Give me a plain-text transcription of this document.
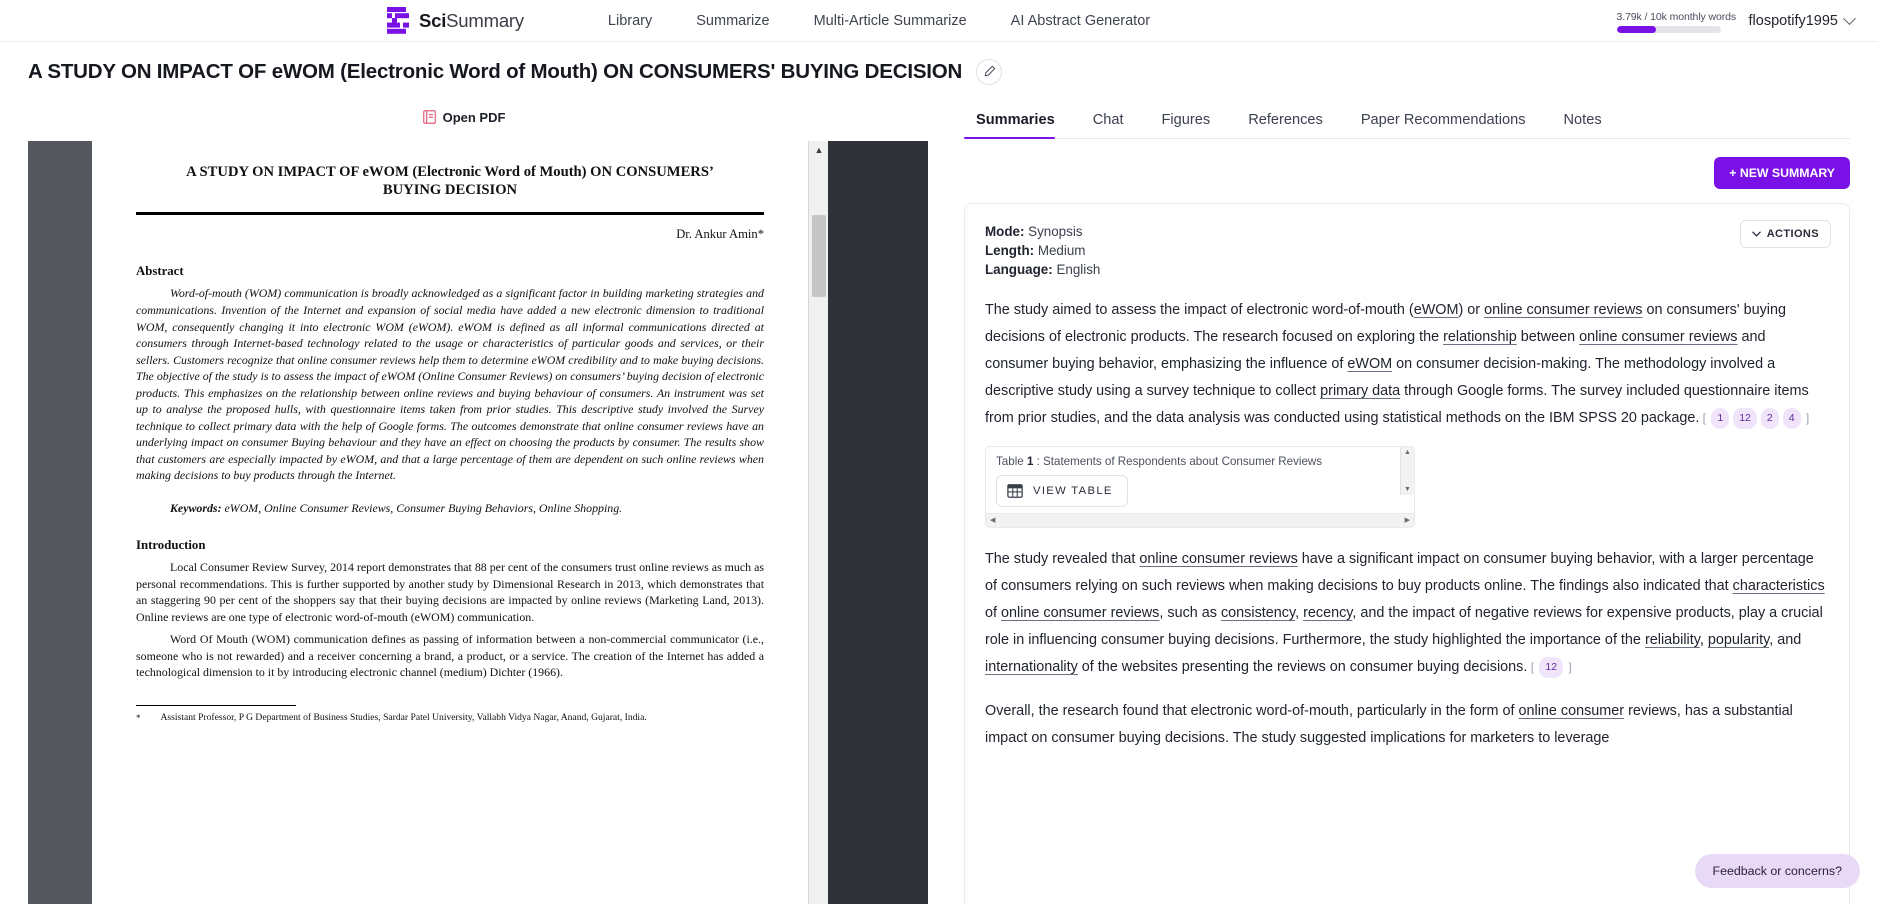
SciSummary	Library	Summarize	Multi-Article Summarize	AI Abstract Generator	3.79k / 10k monthly words flospotify1995
A STUDY ON IMPACT OF eWOM (Electronic Word of Mouth) ON CONSUMERS' BUYING DECISION
Open PDF
A STUDY ON IMPACT OF eWOM (Electronic Word of Mouth) ON CONSUMERS’ BUYING DECISION
Dr. Ankur Amin*
Abstract
Word-of-mouth (WOM) communication is broadly acknowledged as a significant factor in building marketing strategies and communications. Invention of the Internet and expansion of social media have added a new electronic dimension to traditional WOM, consequently changing it into electronic WOM (eWOM). eWOM is defined as all informal communications directed at consumers through Internet-based technology related to the usage or characteristics of particular goods and services, or their sellers. Customers recognize that online consumer reviews help them to determine eWOM credibility and to make buying decisions. The objective of the study is to assess the impact of eWOM (Online Consumer Reviews) on consumers’ buying decision of electronic products. This emphasizes on the relationship between online reviews and buying behaviour of consumers. An instrument was set up to analyse the proposed hulls, with questionnaire items taken from prior studies. This descriptive study involved the Survey technique to collect primary data with the help of Google forms. The outcomes demonstrate that online consumer reviews have an underlying impact on consumer Buying behaviour and they have an effect on choosing the products by consumer. The results show that customers are especially impacted by eWOM, and that a large percentage of them are dependent on such online reviews when making decisions to buy products through the Internet.
Keywords: eWOM, Online Consumer Reviews, Consumer Buying Behaviors, Online Shopping.
Introduction
Local Consumer Review Survey, 2014 report demonstrates that 88 per cent of the consumers trust online reviews as much as personal recommendations. This is further supported by another study by Dimensional Research in 2013, which demonstrates that an staggering 90 per cent of the shoppers say that their buying decisions are impacted by online reviews (Marketing Land, 2013). Online reviews are one type of electronic word-of-mouth (eWOM) communication.
Word Of Mouth (WOM) communication defines as passing of information between a non-commercial communicator (i.e., someone who is not rewarded) and a receiver concerning a brand, a product, or a service. The creation of the Internet has added a technological dimension to it by introducing electronic channel (medium) Dichter (1966).
* Assistant Professor, P G Department of Business Studies, Sardar Patel University, Vallabh Vidya Nagar, Anand, Gujarat, India.
▲
Summaries	Chat	Figures	References	Paper Recommendations	Notes
+ NEW SUMMARY
ACTIONS
Mode: Synopsis
Length: Medium
Language: English
The study aimed to assess the impact of electronic word-of-mouth (eWOM) or online consumer reviews on consumers' buying decisions of electronic products. The research focused on exploring the relationship between online consumer reviews and consumer buying behavior, emphasizing the influence of eWOM on consumer decision-making. The methodology involved a descriptive study using a survey technique to collect primary data through Google forms. The survey included questionnaire items from prior studies, and the data analysis was conducted using statistical methods on the IBM SPSS 20 package. [ 1 12 2 4 ]
▲
▼
Table 1 : Statements of Respondents about Consumer Reviews
VIEW TABLE
◀	▶
The study revealed that online consumer reviews have a significant impact on consumer buying behavior, with a larger percentage of consumers relying on such reviews when making decisions to buy products online. The findings also indicated that characteristics of online consumer reviews, such as consistency, recency, and the impact of negative reviews for expensive products, play a crucial role in influencing consumer buying decisions. Furthermore, the study highlighted the importance of the reliability, popularity, and internationality of the websites presenting the reviews on consumer buying decisions. [ 12 ]
Overall, the research found that electronic word-of-mouth, particularly in the form of online consumer reviews, has a substantial impact on consumer buying decisions. The study suggested implications for marketers to leverage
Feedback or concerns?
